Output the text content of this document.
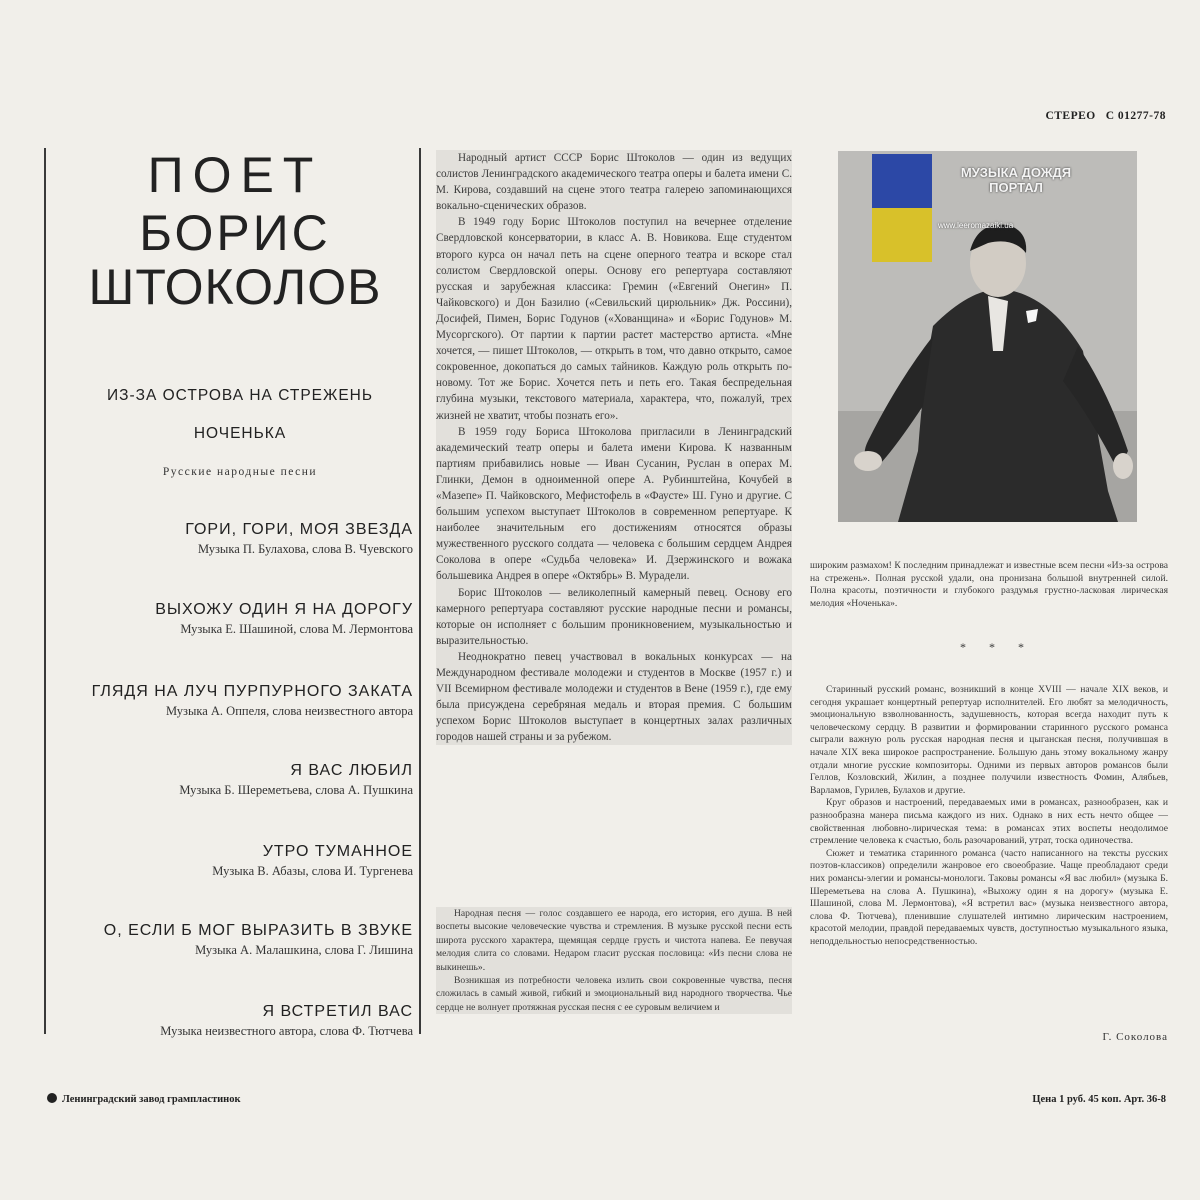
СТЕРЕО С 01277-78
ПОЕТ
БОРИС
ШТОКОЛОВ
ИЗ-ЗА ОСТРОВА НА СТРЕЖЕНЬ
НОЧЕНЬКА
Русские народные песни
ГОРИ, ГОРИ, МОЯ ЗВЕЗДА
Музыка П. Булахова, слова В. Чуевского
ВЫХОЖУ ОДИН Я НА ДОРОГУ
Музыка Е. Шашиной, слова М. Лермонтова
ГЛЯДЯ НА ЛУЧ ПУРПУРНОГО ЗАКАТА
Музыка А. Оппеля, слова неизвестного автора
Я ВАС ЛЮБИЛ
Музыка Б. Шереметьева, слова А. Пушкина
УТРО ТУМАННОЕ
Музыка В. Абазы, слова И. Тургенева
О, ЕСЛИ Б МОГ ВЫРАЗИТЬ В ЗВУКЕ
Музыка А. Малашкина, слова Г. Лишина
Я ВСТРЕТИЛ ВАС
Музыка неизвестного автора, слова Ф. Тютчева

Народный артист СССР Борис Штоколов — один из ведущих солистов Ленинградского академического театра оперы и балета имени С. М. Кирова, создавший на сцене этого театра галерею запоминающихся вокально-сценических образов.

В 1949 году Борис Штоколов поступил на вечернее отделение Свердловской консерватории, в класс А. В. Новикова. Еще студентом второго курса он начал петь на сцене оперного театра и вскоре стал солистом Свердловской оперы. Основу его репертуара составляют русская и зарубежная классика: Гремин («Евгений Онегин» П. Чайковского) и Дон Базилио («Севильский цирюльник» Дж. Россини), Досифей, Пимен, Борис Годунов («Хованщина» и «Борис Годунов» М. Мусоргского). От партии к партии растет мастерство артиста. «Мне хочется, — пишет Штоколов, — открыть в том, что давно открыто, самое сокровенное, докопаться до самых тайников. Каждую роль открыть по-новому. Тот же Борис. Хочется петь и петь его. Такая беспредельная глубина музыки, текстового материала, характера, что, пожалуй, трех жизней не хватит, чтобы познать его».

В 1959 году Бориса Штоколова пригласили в Ленинградский академический театр оперы и балета имени Кирова. К названным партиям прибавились новые — Иван Сусанин, Руслан в операх М. Глинки, Демон в одноименной опере А. Рубинштейна, Кочубей в «Мазепе» П. Чайковского, Мефистофель в «Фаусте» Ш. Гуно и другие. С большим успехом выступает Штоколов в современном репертуаре. К наиболее значительным его достижениям относятся образы мужественного русского солдата — человека с большим сердцем Андрея Соколова в опере «Судьба человека» И. Дзержинского и вожака большевика Андрея в опере «Октябрь» В. Мурадели.

Борис Штоколов — великолепный камерный певец. Основу его камерного репертуара составляют русские народные песни и романсы, которые он исполняет с большим проникновением, музыкальностью и выразительностью.

Неоднократно певец участвовал в вокальных конкурсах — на Международном фестивале молодежи и студентов в Москве (1957 г.) и VII Всемирном фестивале молодежи и студентов в Вене (1959 г.), где ему была присуждена серебряная медаль и вторая премия. С большим успехом Борис Штоколов выступает в концертных залах различных городов нашей страны и за рубежом.

Народная песня — голос создавшего ее народа, его история, его душа. В ней воспеты высокие человеческие чувства и стремления. В музыке русской песни есть широта русского характера, щемящая сердце грусть и чистота напева. Ее певучая мелодия слита со словами. Недаром гласит русская пословица: «Из песни слова не выкинешь».

Возникшая из потребности человека излить свои сокровенные чувства, песня сложилась в самый живой, гибкий и эмоциональный вид народного творчества. Чье сердце не волнует протяжная русская песня с ее суровым величием и

МУЗЫКА ДОЖДЯ
ПОРТАЛ
www.leeromazaiki.ua

широким размахом! К последним принадлежат и известные всем песни «Из-за острова на стрежень». Полная русской удали, она пронизана большой внутренней силой. Полна красоты, поэтичности и глубокого раздумья грустно-ласковая лирическая мелодия «Ноченька».

* * *

Старинный русский романс, возникший в конце XVIII — начале XIX веков, и сегодня украшает концертный репертуар исполнителей. Его любят за мелодичность, эмоциональную взволнованность, задушевность, которая всегда находит путь к человеческому сердцу. В развитии и формировании старинного русского романса сыграли важную роль русская народная песня и цыганская песня, получившая в начале XIX века широкое распространение. Большую дань этому вокальному жанру отдали многие русские композиторы. Одними из первых авторов романсов были Геллов, Козловский, Жилин, а позднее получили известность Фомин, Алябьев, Варламов, Гурилев, Булахов и другие.

Круг образов и настроений, передаваемых ими в романсах, разнообразен, как и разнообразна манера письма каждого из них. Однако в них есть нечто общее — свойственная любовно-лирическая тема: в романсах этих воспеты неодолимое стремление человека к счастью, боль разочарований, утрат, тоска одиночества.

Сюжет и тематика старинного романса (часто написанного на тексты русских поэтов-классиков) определили жанровое его своеобразие. Чаще преобладают среди них романсы-элегии и романсы-монологи. Таковы романсы «Я вас любил» (музыка Б. Шереметьева на слова А. Пушкина), «Выхожу один я на дорогу» (музыка Е. Шашиной, слова М. Лермонтова), «Я встретил вас» (музыка неизвестного автора, слова Ф. Тютчева), пленившие слушателей интимно лирическим настроением, красотой мелодии, правдой передаваемых чувств, доступностью музыкального языка, неподдельностью непосредственностью.

Г. Соколова
Ленинградский завод грампластинок	Цена 1 руб. 45 коп. Арт. 36-8
